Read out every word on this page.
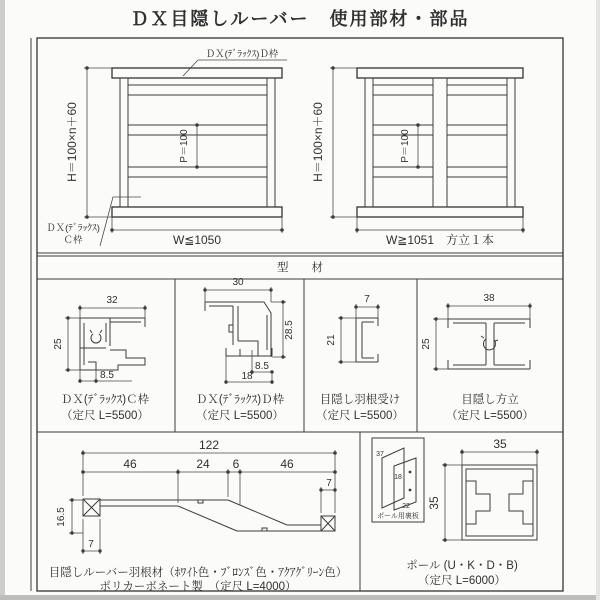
ＤＸ目隠しルーバー　使用部材・部品
H＝100×n＋60	P＝100
W≦1050
ＤＸ(ﾃﾞﾗｯｸｽ)Ｄ枠
ＤＸ(ﾃﾞﾗｯｸｽ)
Ｃ枠
H＝100×n＋60	P＝100
W≧1051　方立１本
型　　材
32
25
8.5
ＤＸ(ﾃﾞﾗｯｸｽ)Ｃ枠
（定尺 L=5500）
30
28.5
8.5
18
ＤＸ(ﾃﾞﾗｯｸｽ)Ｄ枠
（定尺 L=5500）
7
21
目隠し羽根受け
（定尺 L=5500）
38
25
目隠し方立
（定尺 L=5500）
122
46	24 6	46
7
16.5
7
目隠しルーバー羽根材（ﾎﾜｲﾄ色・ﾌﾞﾛﾝｽﾞ色・ｱｸｱｸﾞﾘｰﾝ色）
ポリカーボネート製　（定尺 L=4000）
37
18
22
ポール用裏板
35
35
ポール (U・K・D・B)
（定尺 L=6000）
